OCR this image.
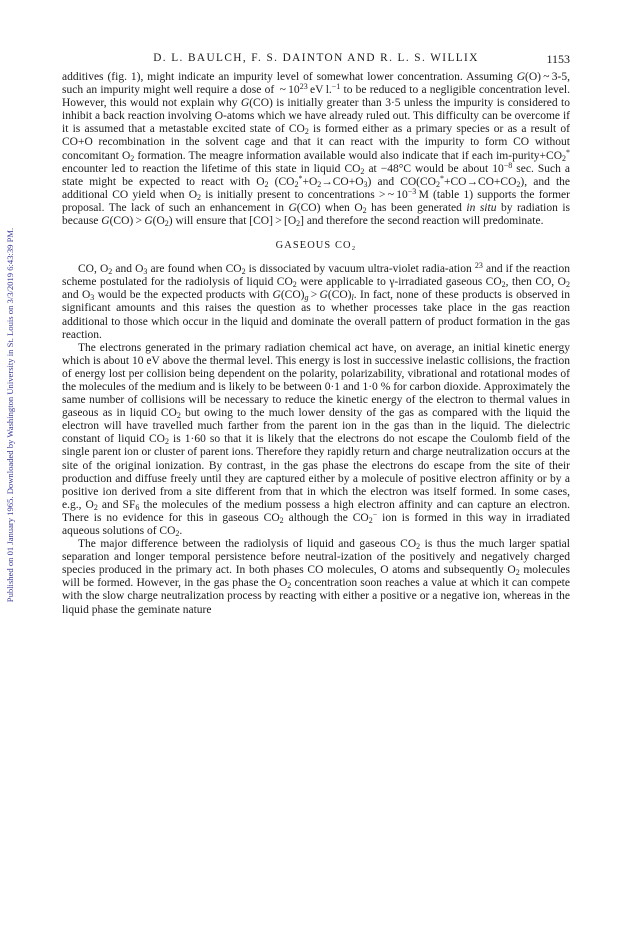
Published on 01 January 1965. Downloaded by Washington University in St. Louis on 3/3/2019 6:43:39 PM.
D. L. BAULCH, F. S. DAINTON AND R. L. S. WILLIX	1153

additives (fig. 1), might indicate an impurity level of somewhat lower concentration. Assuming G(O) ~ 3-5, such an impurity might well require a dose of  ~ $10^{23}$ eV l.$^{-1}$ to be reduced to a negligible concentration level. However, this would not explain why G(CO) is initially greater than 3·5 unless the impurity is considered to inhibit a back reaction involving O-atoms which we have already ruled out. This difficulty can be overcome if it is assumed that a metastable excited state of $CO_2$ is formed either as a primary species or as a result of CO+O recombination in the solvent cage and that it can react with the impurity to form CO without concomitant $O_2$ formation. The meagre information available would also indicate that if each $im-purity+CO_2^*$ encounter led to reaction the lifetime of this state in liquid $CO_2$ at −48°C would be about $10^{-8}$ sec. Such a state might be expected to react with $O_2$ $(CO_2^*+O_2\to CO+O_3)$ and $CO(CO_2^*+CO\to CO+CO_2)$, and the additional CO yield when $O_2$ is initially present to concentrations > ~ $10^{-3}$ M (table 1) supports the former proposal. The lack of such an enhancement in G(CO) when $O_2$ has been generated in situ by radiation is because $G(CO) > G(O_2)$ will ensure that $[CO] > [O_2]$ and therefore the second reaction will predominate.

GASEOUS CO₂

CO, $O_2$ and $O_3$ are found when $CO_2$ is dissociated by vacuum ultra-violet radia-ation $^{23}$ and if the reaction scheme postulated for the radiolysis of liquid $CO_2$ were applicable to γ-irradiated gaseous $CO_2$, then CO, $O_2$ and $O_3$ would be the expected products with $G(CO)_g > G(CO)_l$. In fact, none of these products is observed in significant amounts and this raises the question as to whether processes take place in the gas reaction additional to those which occur in the liquid and dominate the overall pattern of product formation in the gas reaction.

The electrons generated in the primary radiation chemical act have, on average, an initial kinetic energy which is about 10 eV above the thermal level. This energy is lost in successive inelastic collisions, the fraction of energy lost per collision being dependent on the polarity, polarizability, vibrational and rotational modes of the molecules of the medium and is likely to be between 0·1 and 1·0 % for carbon dioxide. Approximately the same number of collisions will be necessary to reduce the kinetic energy of the electron to thermal values in gaseous as in liquid $CO_2$ but owing to the much lower density of the gas as compared with the liquid the electron will have travelled much farther from the parent ion in the gas than in the liquid. The dielectric constant of liquid $CO_2$ is 1·60 so that it is likely that the electrons do not escape the Coulomb field of the single parent ion or cluster of parent ions. Therefore they rapidly return and charge neutralization occurs at the site of the original ionization. By contrast, in the gas phase the electrons do escape from the site of their production and diffuse freely until they are captured either by a molecule of positive electron affinity or by a positive ion derived from a site different from that in which the electron was itself formed. In some cases, e.g., $O_2$ and $SF_6$ the molecules of the medium possess a high electron affinity and can capture an electron. There is no evidence for this in gaseous $CO_2$ although the $CO_2^-$ ion is formed in this way in irradiated aqueous solutions of $CO_2$.

The major difference between the radiolysis of liquid and gaseous $CO_2$ is thus the much larger spatial separation and longer temporal persistence before neutral-ization of the positively and negatively charged species produced in the primary act. In both phases CO molecules, O atoms and subsequently $O_2$ molecules will be formed. However, in the gas phase the $O_2$ concentration soon reaches a value at which it can compete with the slow charge neutralization process by reacting with either a positive or a negative ion, whereas in the liquid phase the geminate nature
